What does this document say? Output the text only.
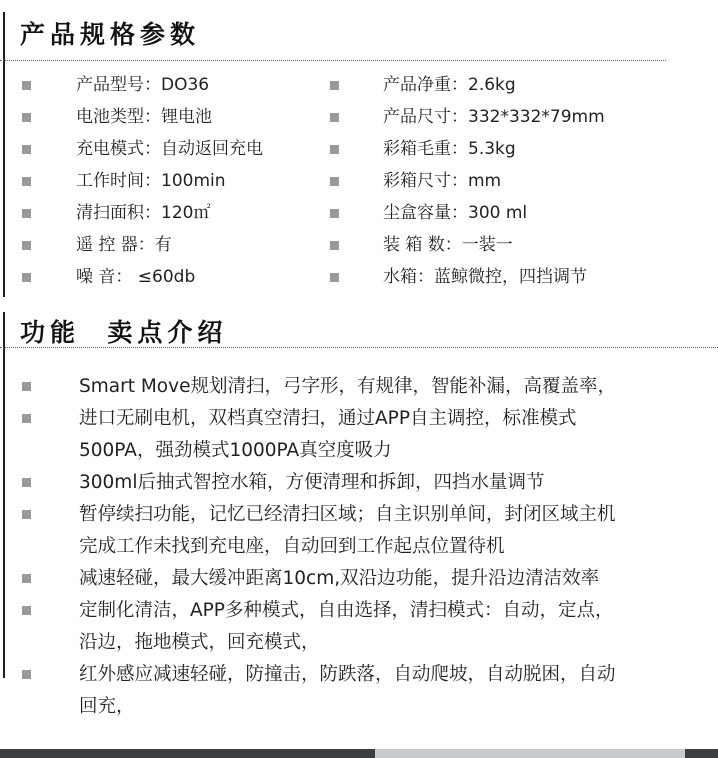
产品规格参数
产品型号：DO36
电池类型：锂电池
充电模式：自动返回充电
工作时间：100min
清扫面积：120㎡
遥 控 器：有
噪 音： ≤60db
产品净重：2.6kg
产品尺寸：332*332*79mm
彩箱毛重：5.3kg
彩箱尺寸：mm
尘盒容量：300 ml
装 箱 数：一装一
水箱：蓝鲸微控，四挡调节
功能  卖点介绍
Smart Move规划清扫，弓字形，有规律，智能补漏，高覆盖率，
进口无刷电机，双档真空清扫，通过APP自主调控，标准模式
500PA，强劲模式1000PA真空度吸力
300ml后抽式智控水箱，方便清理和拆卸，四挡水量调节
暂停续扫功能，记忆已经清扫区域；自主识别单间，封闭区域主机
完成工作未找到充电座，自动回到工作起点位置待机
减速轻碰，最大缓冲距离10cm,双沿边功能，提升沿边清洁效率
定制化清洁，APP多种模式，自由选择，清扫模式：自动，定点，
沿边，拖地模式，回充模式，
红外感应减速轻碰，防撞击，防跌落，自动爬坡，自动脱困，自动
回充，
